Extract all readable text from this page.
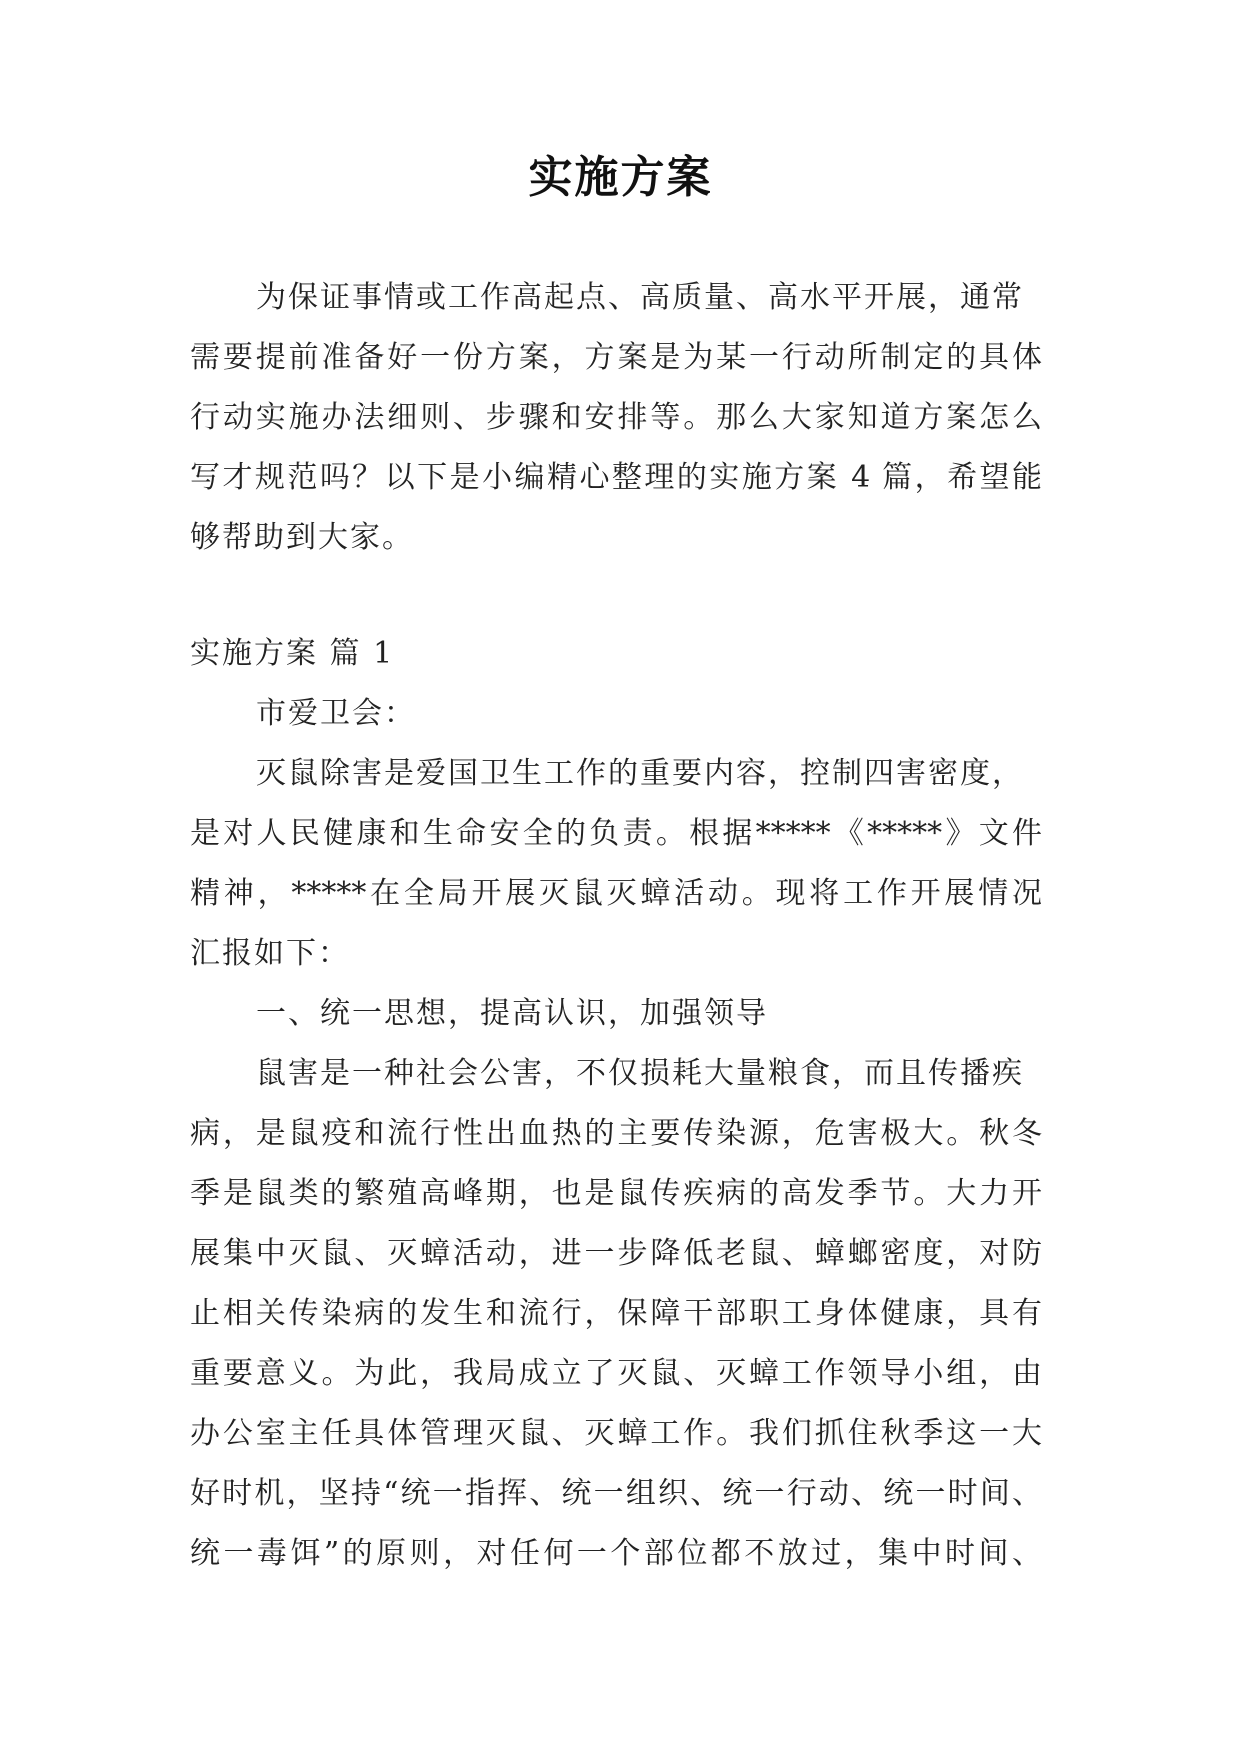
实施方案

为保证事情或工作高起点、高质量、高水平开展，通常

需要提前准备好一份方案，方案是为某一行动所制定的具体

行动实施办法细则、步骤和安排等。那么大家知道方案怎么

写才规范吗？以下是小编精心整理的实施方案 4 篇，希望能

够帮助到大家。

实施方案 篇 1

市爱卫会：

灭鼠除害是爱国卫生工作的重要内容，控制四害密度，

是对人民健康和生命安全的负责。根据*****《*****》文件

精神，*****在全局开展灭鼠灭蟑活动。现将工作开展情况

汇报如下：

一、统一思想，提高认识，加强领导

鼠害是一种社会公害，不仅损耗大量粮食，而且传播疾

病，是鼠疫和流行性出血热的主要传染源，危害极大。秋冬

季是鼠类的繁殖高峰期，也是鼠传疾病的高发季节。大力开

展集中灭鼠、灭蟑活动，进一步降低老鼠、蟑螂密度，对防

止相关传染病的发生和流行，保障干部职工身体健康，具有

重要意义。为此，我局成立了灭鼠、灭蟑工作领导小组，由

办公室主任具体管理灭鼠、灭蟑工作。我们抓住秋季这一大

好时机，坚持“统一指挥、统一组织、统一行动、统一时间、

统一毒饵”的原则，对任何一个部位都不放过，集中时间、
